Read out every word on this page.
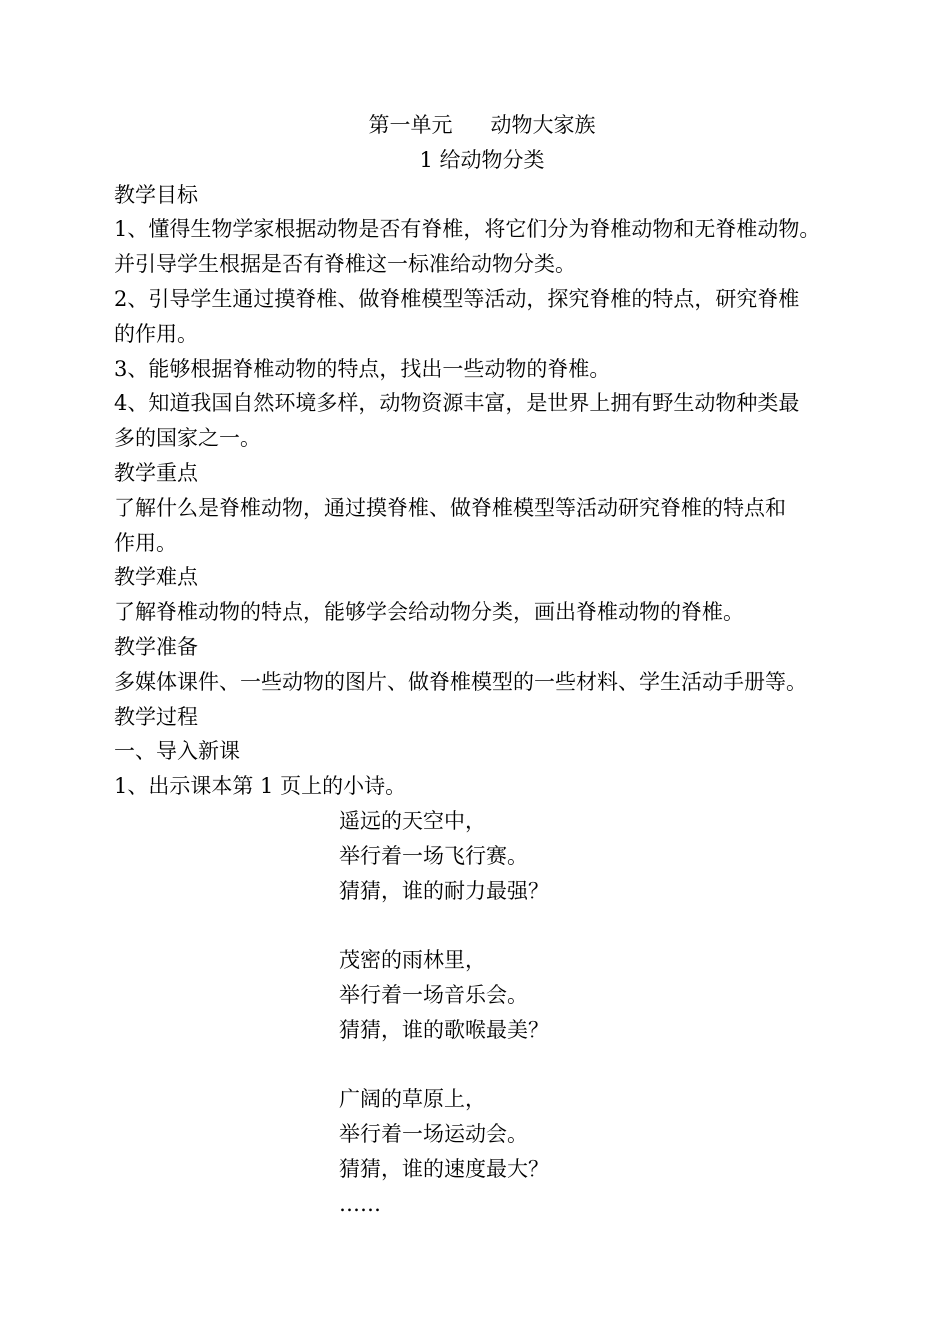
第一单元 动物大家族
1 给动物分类
教学目标
1、懂得生物学家根据动物是否有脊椎，将它们分为脊椎动物和无脊椎动物。
并引导学生根据是否有脊椎这一标准给动物分类。
2、引导学生通过摸脊椎、做脊椎模型等活动，探究脊椎的特点，研究脊椎
的作用。
3、能够根据脊椎动物的特点，找出一些动物的脊椎。
4、知道我国自然环境多样，动物资源丰富，是世界上拥有野生动物种类最
多的国家之一。
教学重点
了解什么是脊椎动物，通过摸脊椎、做脊椎模型等活动研究脊椎的特点和
作用。
教学难点
了解脊椎动物的特点，能够学会给动物分类，画出脊椎动物的脊椎。
教学准备
多媒体课件、一些动物的图片、做脊椎模型的一些材料、学生活动手册等。
教学过程
一、导入新课
1、出示课本第 1 页上的小诗。
遥远的天空中，
举行着一场飞行赛。
猜猜，谁的耐力最强？
茂密的雨林里，
举行着一场音乐会。
猜猜，谁的歌喉最美？
广阔的草原上，
举行着一场运动会。
猜猜，谁的速度最大？
……
